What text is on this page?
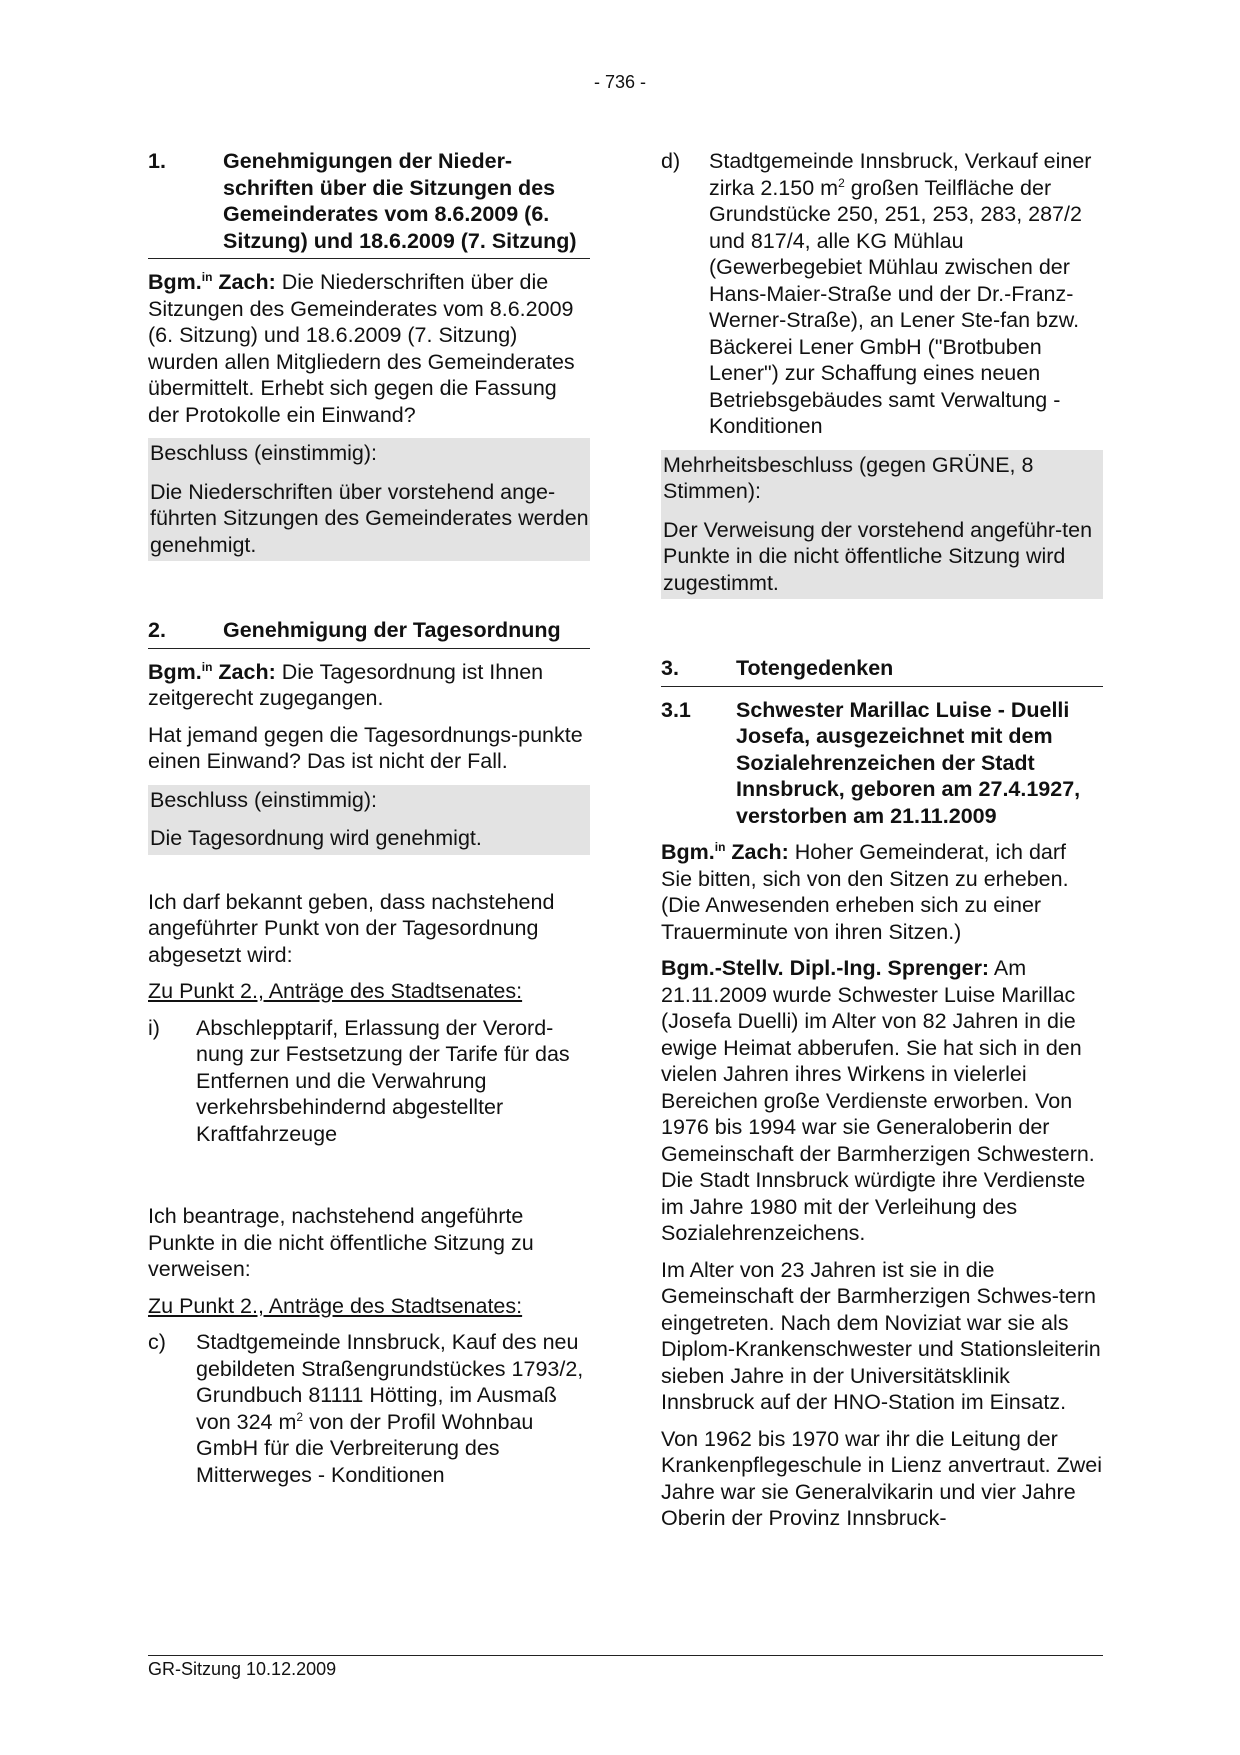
- 736 -
1.	Genehmigungen der Nieder-schriften über die Sitzungen des Gemeinderates vom 8.6.2009 (6. Sitzung) und 18.6.2009 (7. Sitzung)

Bgm.$^{in}$ Zach: Die Niederschriften über die Sitzungen des Gemeinderates vom 8.6.2009 (6. Sitzung) und 18.6.2009 (7. Sitzung) wurden allen Mitgliedern des Gemeinderates übermittelt. Erhebt sich gegen die Fassung der Protokolle ein Einwand?

Beschluss (einstimmig):
Die Niederschriften über vorstehend ange-führten Sitzungen des Gemeinderates werden genehmigt.
2.	Genehmigung der Tagesordnung

Bgm.$^{in}$ Zach: Die Tagesordnung ist Ihnen zeitgerecht zugegangen.

Hat jemand gegen die Tagesordnungs-punkte einen Einwand? Das ist nicht der Fall.

Beschluss (einstimmig):
Die Tagesordnung wird genehmigt.

Ich darf bekannt geben, dass nachstehend angeführter Punkt von der Tagesordnung abgesetzt wird:

Zu Punkt 2., Anträge des Stadtsenates:

i)	Abschlepptarif, Erlassung der Verord-nung zur Festsetzung der Tarife für das Entfernen und die Verwahrung verkehrsbehindernd abgestellter Kraftfahrzeuge

Ich beantrage, nachstehend angeführte Punkte in die nicht öffentliche Sitzung zu verweisen:

Zu Punkt 2., Anträge des Stadtsenates:

c)	Stadtgemeinde Innsbruck, Kauf des neu gebildeten Straßengrundstückes 1793/2, Grundbuch 81111 Hötting, im Ausmaß von 324 $m^2$ von der Profil Wohnbau GmbH für die Verbreiterung des Mitterweges - Konditionen
d)	Stadtgemeinde Innsbruck, Verkauf einer zirka 2.150 $m^2$ großen Teilfläche der Grundstücke 250, 251, 253, 283, 287/2 und 817/4, alle KG Mühlau (Gewerbegebiet Mühlau zwischen der Hans-Maier-Straße und der Dr.-Franz-Werner-Straße), an Lener Ste-fan bzw. Bäckerei Lener GmbH ("Brotbuben Lener") zur Schaffung eines neuen Betriebsgebäudes samt Verwaltung - Konditionen
Mehrheitsbeschluss (gegen GRÜNE, 8 Stimmen):
Der Verweisung der vorstehend angeführ-ten Punkte in die nicht öffentliche Sitzung wird zugestimmt.
3.	Totengedenken
3.1	Schwester Marillac Luise - Duelli Josefa, ausgezeichnet mit dem Sozialehrenzeichen der Stadt Innsbruck, geboren am 27.4.1927, verstorben am 21.11.2009

Bgm.$^{in}$ Zach: Hoher Gemeinderat, ich darf Sie bitten, sich von den Sitzen zu erheben. (Die Anwesenden erheben sich zu einer Trauerminute von ihren Sitzen.)

Bgm.-Stellv. Dipl.-Ing. Sprenger: Am 21.11.2009 wurde Schwester Luise Marillac (Josefa Duelli) im Alter von 82 Jahren in die ewige Heimat abberufen. Sie hat sich in den vielen Jahren ihres Wirkens in vielerlei Bereichen große Verdienste erworben. Von 1976 bis 1994 war sie Generaloberin der Gemeinschaft der Barmherzigen Schwestern. Die Stadt Innsbruck würdigte ihre Verdienste im Jahre 1980 mit der Verleihung des Sozialehrenzeichens.

Im Alter von 23 Jahren ist sie in die Gemeinschaft der Barmherzigen Schwes-tern eingetreten. Nach dem Noviziat war sie als Diplom-Krankenschwester und Stationsleiterin sieben Jahre in der Universitätsklinik Innsbruck auf der HNO-Station im Einsatz.

Von 1962 bis 1970 war ihr die Leitung der Krankenpflegeschule in Lienz anvertraut. Zwei Jahre war sie Generalvikarin und vier Jahre Oberin der Provinz Innsbruck-

GR-Sitzung 10.12.2009
